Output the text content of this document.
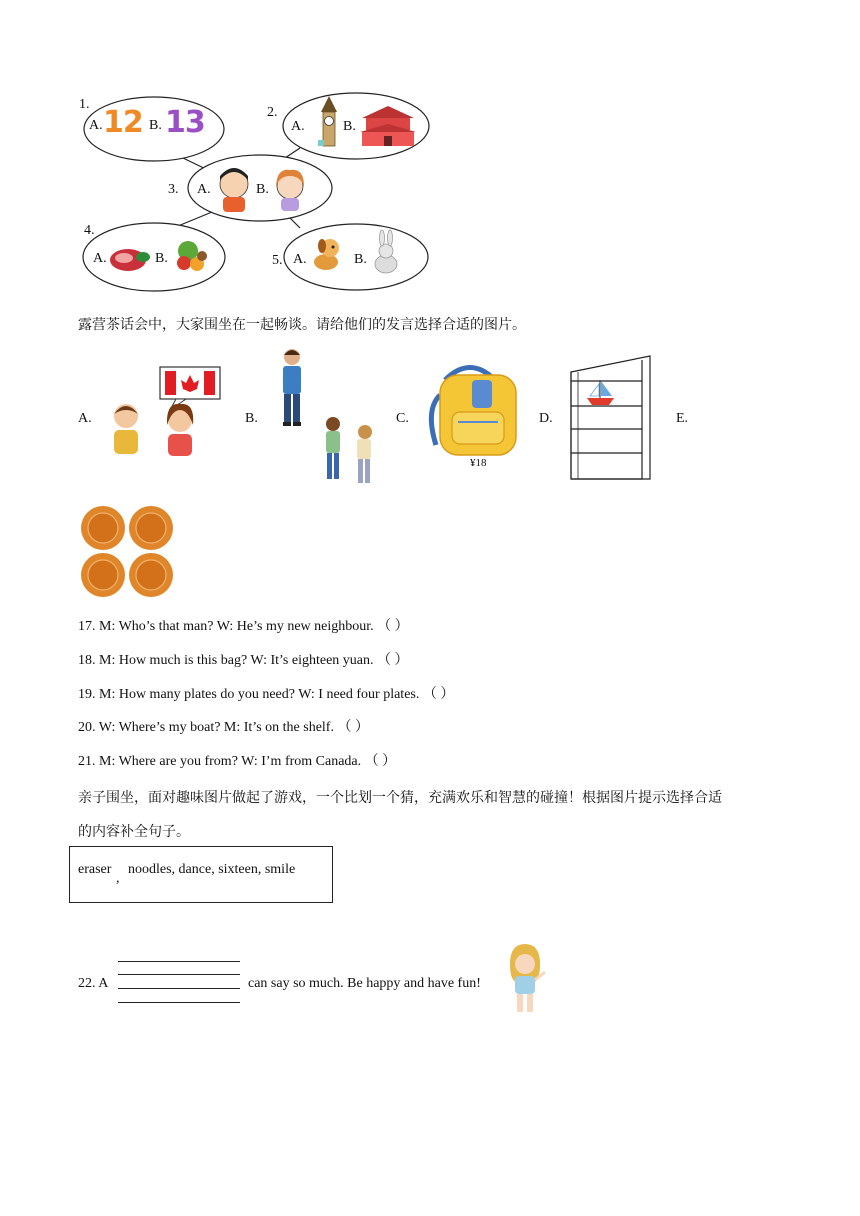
1.
A. 12 B. 13	2.
A.	B.
3. A.	B.
4.
A.	B.	5. A.	B.
露营茶话会中，大家围坐在一起畅谈。请给他们的发言选择合适的图片。
A.	B.	C.	D.	E.
¥18
17. M: Who’s that man? W: He’s my new neighbour. （ ）
18. M: How much is this bag? W: It’s eighteen yuan. （ ）
19. M: How many plates do you need? W: I need four plates. （ ）
20. W: Where’s my boat? M: It’s on the shelf. （ ）
21. M: Where are you from? W: I’m from Canada. （ ）
亲子围坐，面对趣味图片做起了游戏，一个比划一个猜，充满欢乐和智慧的碰撞！根据图片提示选择合适
的内容补全句子。
eraser
,
noodles, dance, sixteen, smile
22. A	can say so much. Be happy and have fun!
